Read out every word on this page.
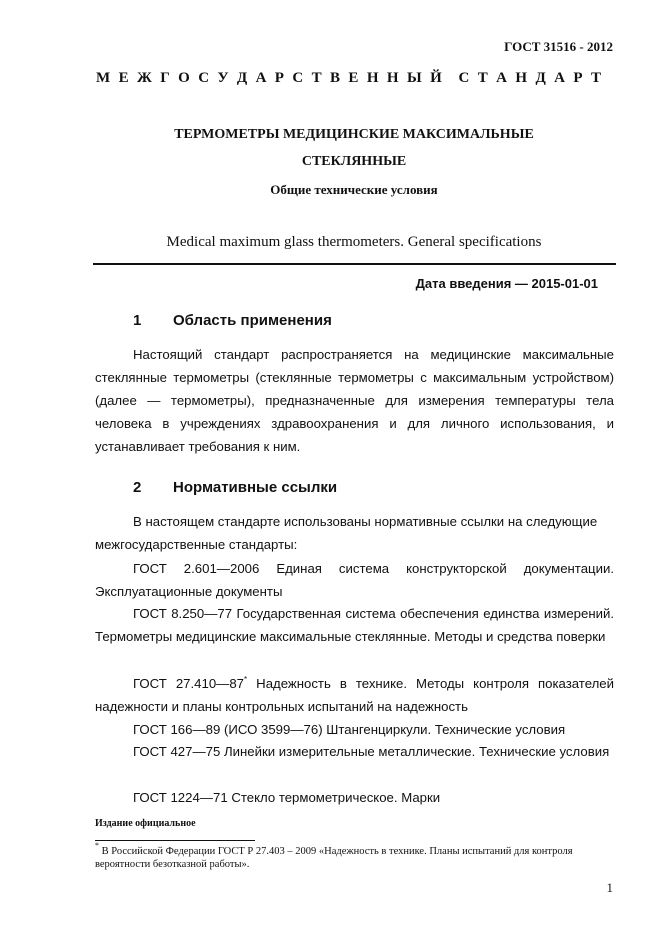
ГОСТ 31516 - 2012
М Е Ж Г О С У Д А Р С Т В Е Н Н Ы Й С Т А Н Д А Р Т
ТЕРМОМЕТРЫ МЕДИЦИНСКИЕ МАКСИМАЛЬНЫЕ
СТЕКЛЯННЫЕ
Общие технические условия
Medical maximum glass thermometers. General specifications
Дата введения — 2015-01-01
1 Область применения
Настоящий стандарт распространяется на медицинские максимальные стеклянные термометры (стеклянные термометры с максимальным устройством) (далее — термометры), предназначенные для измерения температуры тела человека в учреждениях здравоохранения и для личного использования, и устанавливает требования к ним.
2 Нормативные ссылки
В настоящем стандарте использованы нормативные ссылки на следующие межгосударственные стандарты:
ГОСТ 2.601—2006 Единая система конструкторской документации. Эксплуатационные документы
ГОСТ 8.250—77 Государственная система обеспечения единства измерений. Термометры медицинские максимальные стеклянные. Методы и средства поверки
ГОСТ 27.410—87* Надежность в технике. Методы контроля показателей надежности и планы контрольных испытаний на надежность
ГОСТ 166—89 (ИСО 3599—76) Штангенциркули. Технические условия
ГОСТ 427—75 Линейки измерительные металлические. Технические условия
ГОСТ 1224—71 Стекло термометрическое. Марки
Издание официальное
* В Российской Федерации ГОСТ Р 27.403 – 2009 «Надежность в технике. Планы испытаний для контроля вероятности безотказной работы».
1
